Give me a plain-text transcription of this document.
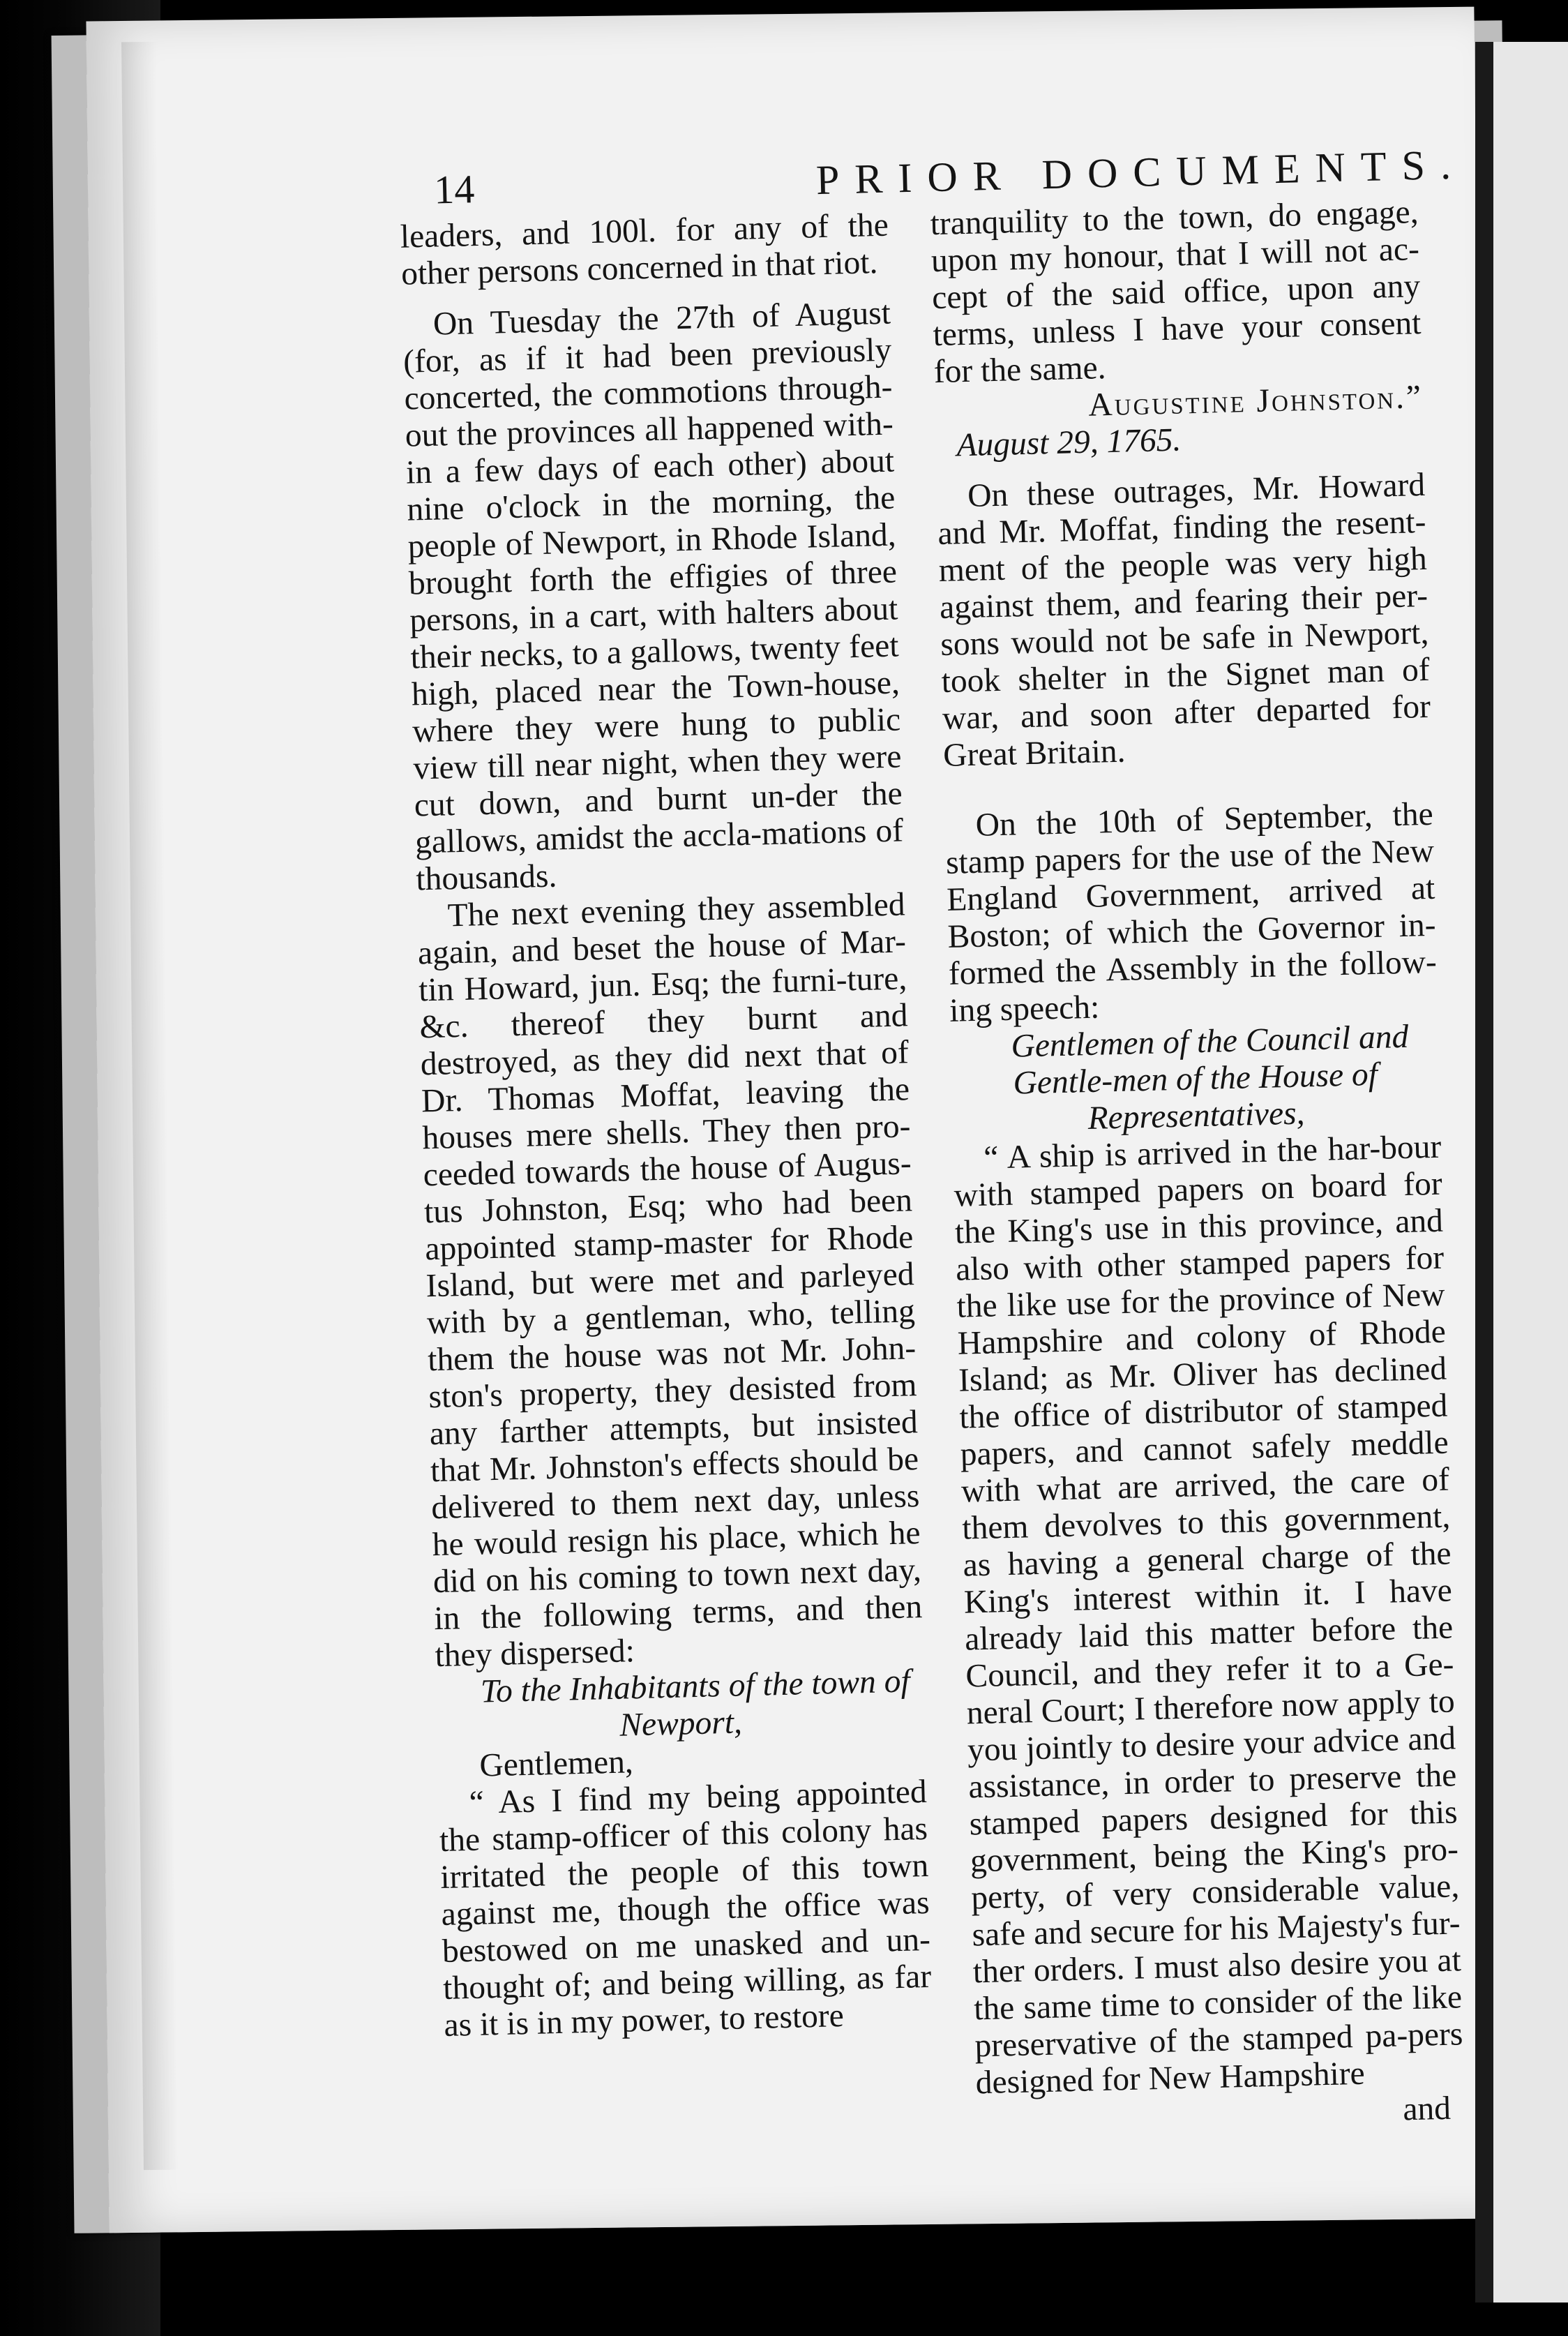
14	PRIOR DOCUMENTS.

leaders, and 100l. for any of the other persons concerned in that riot.

On Tuesday the 27th of August (for, as if it had been previously concerted, the commotions through-out the provinces all happened with-in a few days of each other) about nine o'clock in the morning, the people of Newport, in Rhode Island, brought forth the effigies of three persons, in a cart, with halters about their necks, to a gallows, twenty feet high, placed near the Town-house, where they were hung to public view till near night, when they were cut down, and burnt un-der the gallows, amidst the accla-mations of thousands.

The next evening they assembled again, and beset the house of Mar-tin Howard, jun. Esq; the furni-ture, &c. thereof they burnt and destroyed, as they did next that of Dr. Thomas Moffat, leaving the houses mere shells. They then pro-ceeded towards the house of Augus-tus Johnston, Esq; who had been appointed stamp-master for Rhode Island, but were met and parleyed with by a gentleman, who, telling them the house was not Mr. John-ston's property, they desisted from any farther attempts, but insisted that Mr. Johnston's effects should be delivered to them next day, unless he would resign his place, which he did on his coming to town next day, in the following terms, and then they dispersed:

To the Inhabitants of the town of Newport,

Gentlemen,

“ As I find my being appointed the stamp-officer of this colony has irritated the people of this town against me, though the office was bestowed on me unasked and un-thought of; and being willing, as far as it is in my power, to restore

tranquility to the town, do engage, upon my honour, that I will not ac-cept of the said office, upon any terms, unless I have your consent for the same.

Augustine Johnston.”

August 29, 1765.

On these outrages, Mr. Howard and Mr. Moffat, finding the resent-ment of the people was very high against them, and fearing their per-sons would not be safe in Newport, took shelter in the Signet man of war, and soon after departed for Great Britain.

On the 10th of September, the stamp papers for the use of the New England Government, arrived at Boston; of which the Governor in-formed the Assembly in the follow-ing speech:

Gentlemen of the Council and Gentle-men of the House of Representatives,

“ A ship is arrived in the har-bour with stamped papers on board for the King's use in this province, and also with other stamped papers for the like use for the province of New Hampshire and colony of Rhode Island; as Mr. Oliver has declined the office of distributor of stamped papers, and cannot safely meddle with what are arrived, the care of them devolves to this government, as having a general charge of the King's interest within it. I have already laid this matter before the Council, and they refer it to a Ge-neral Court; I therefore now apply to you jointly to desire your advice and assistance, in order to preserve the stamped papers designed for this government, being the King's pro-perty, of very considerable value, safe and secure for his Majesty's fur-ther orders. I must also desire you at the same time to consider of the like preservative of the stamped pa-pers designed for New Hampshire

and
